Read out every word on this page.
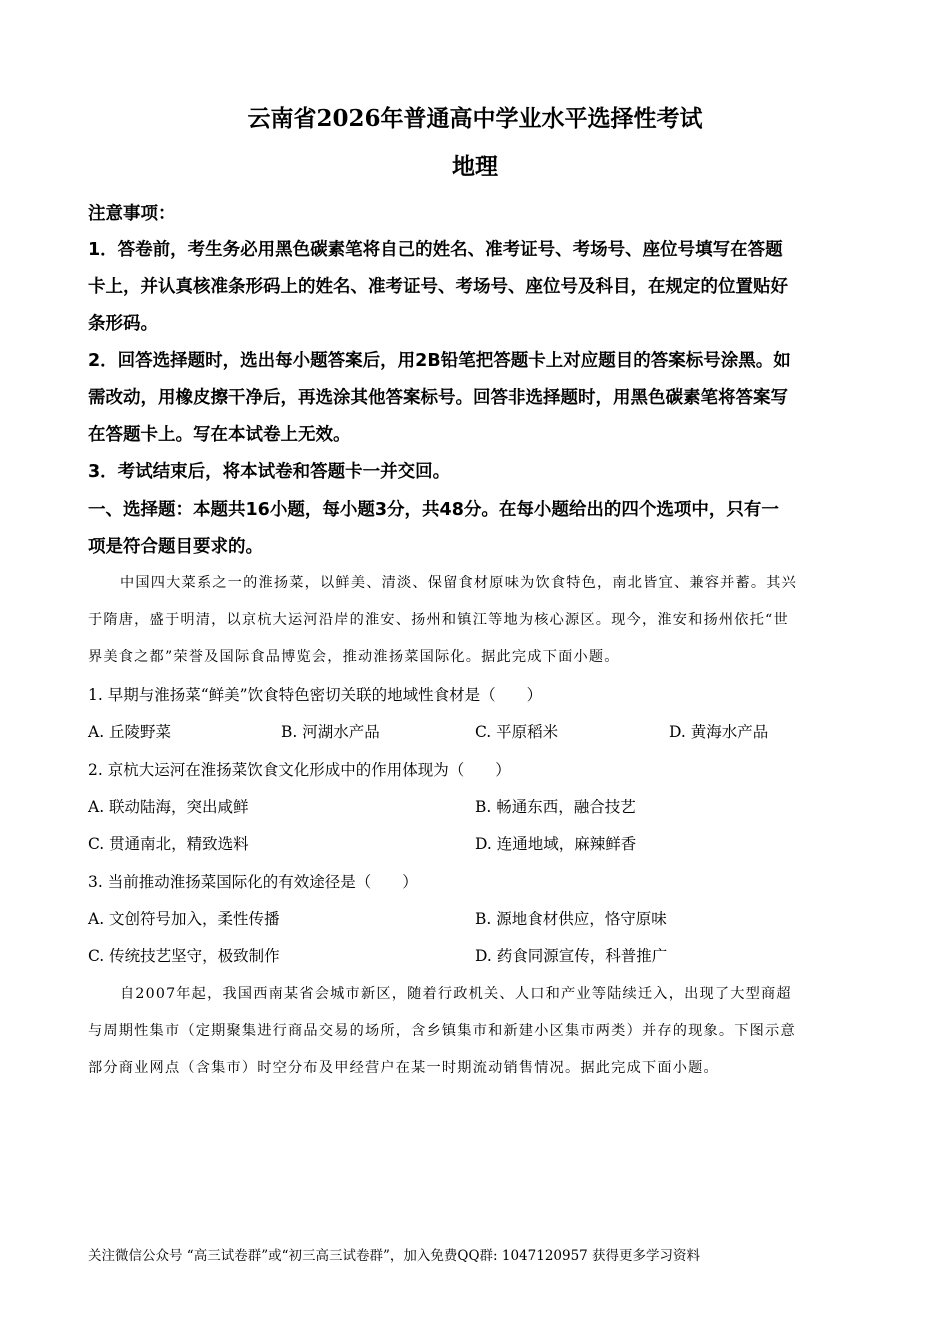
云南省2026年普通高中学业水平选择性考试
地理
注意事项：
1．答卷前，考生务必用黑色碳素笔将自己的姓名、准考证号、考场号、座位号填写在答题
卡上，并认真核准条形码上的姓名、准考证号、考场号、座位号及科目，在规定的位置贴好
条形码。
2．回答选择题时，选出每小题答案后，用2B铅笔把答题卡上对应题目的答案标号涂黑。如
需改动，用橡皮擦干净后，再选涂其他答案标号。回答非选择题时，用黑色碳素笔将答案写
在答题卡上。写在本试卷上无效。
3．考试结束后，将本试卷和答题卡一并交回。
一、选择题：本题共16小题，每小题3分，共48分。在每小题给出的四个选项中，只有一
项是符合题目要求的。
中国四大菜系之一的淮扬菜，以鲜美、清淡、保留食材原味为饮食特色，南北皆宜、兼容并蓄。其兴
于隋唐，盛于明清，以京杭大运河沿岸的淮安、扬州和镇江等地为核心源区。现今，淮安和扬州依托“世
界美食之都”荣誉及国际食品博览会，推动淮扬菜国际化。据此完成下面小题。
1. 早期与淮扬菜“鲜美”饮食特色密切关联的地域性食材是（　　）
A. 丘陵野菜	B. 河湖水产品	C. 平原稻米	D. 黄海水产品
2. 京杭大运河在淮扬菜饮食文化形成中的作用体现为（　　）
A. 联动陆海，突出咸鲜	B. 畅通东西，融合技艺
C. 贯通南北，精致选料	D. 连通地域，麻辣鲜香
3. 当前推动淮扬菜国际化的有效途径是（　　）
A. 文创符号加入，柔性传播	B. 源地食材供应，恪守原味
C. 传统技艺坚守，极致制作	D. 药食同源宣传，科普推广
自2007年起，我国西南某省会城市新区，随着行政机关、人口和产业等陆续迁入，出现了大型商超
与周期性集市（定期聚集进行商品交易的场所，含乡镇集市和新建小区集市两类）并存的现象。下图示意
部分商业网点（含集市）时空分布及甲经营户在某一时期流动销售情况。据此完成下面小题。
关注微信公众号 “高三试卷群”或“初三高三试卷群”，加入免费QQ群: 1047120957 获得更多学习资料
